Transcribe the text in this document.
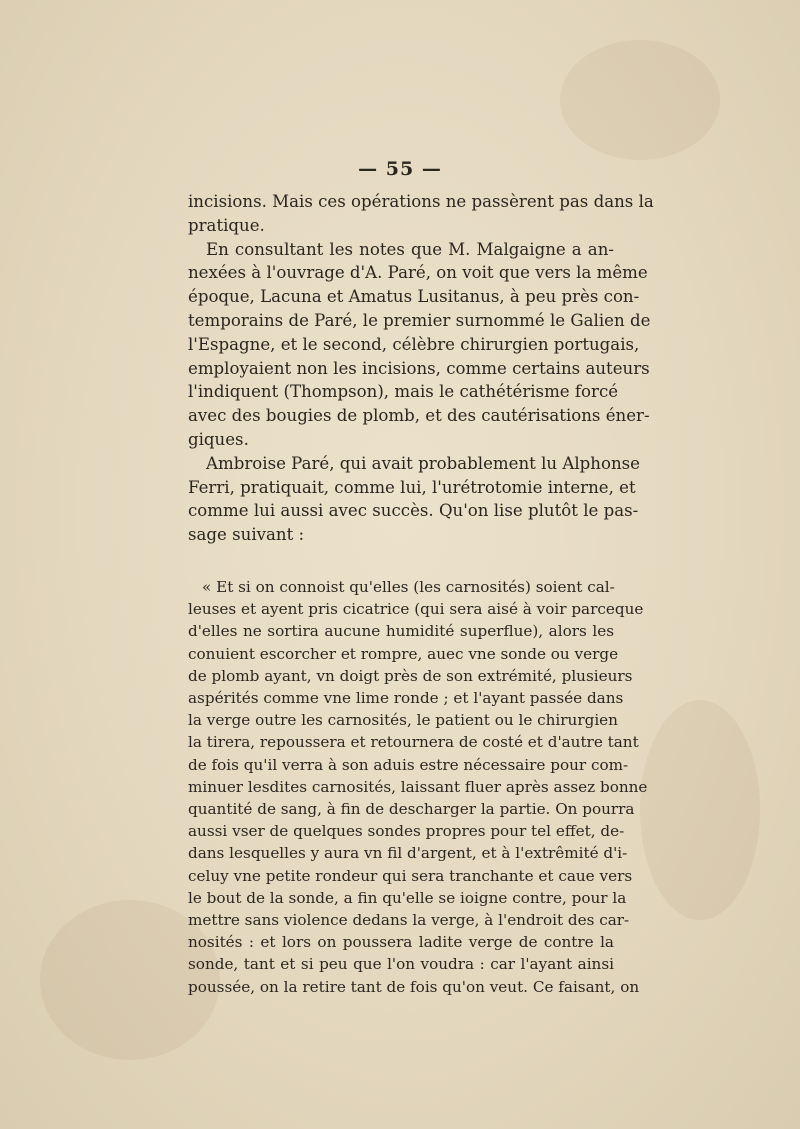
— 55 —
incisions. Mais ces opérations ne passèrent pas dans la
pratique.
En consultant les notes que M. Malgaigne a an-
nexées à l'ouvrage d'A. Paré, on voit que vers la même
époque, Lacuna et Amatus Lusitanus, à peu près con-
temporains de Paré, le premier surnommé le Galien de
l'Espagne, et le second, célèbre chirurgien portugais,
employaient non les incisions, comme certains auteurs
l'indiquent (Thompson), mais le cathétérisme forcé
avec des bougies de plomb, et des cautérisations éner-
giques.
Ambroise Paré, qui avait probablement lu Alphonse
Ferri, pratiquait, comme lui, l'urétrotomie interne, et
comme lui aussi avec succès. Qu'on lise plutôt le pas-
sage suivant :
« Et si on connoist qu'elles (les carnosités) soient cal-
leuses et ayent pris cicatrice (qui sera aisé à voir parceque
d'elles ne sortira aucune humidité superflue), alors les
conuient escorcher et rompre, auec vne sonde ou verge
de plomb ayant, vn doigt près de son extrémité, plusieurs
aspérités comme vne lime ronde ; et l'ayant passée dans
la verge outre les carnosités, le patient ou le chirurgien
la tirera, repoussera et retournera de costé et d'autre tant
de fois qu'il verra à son aduis estre nécessaire pour com-
minuer lesdites carnosités, laissant fluer après assez bonne
quantité de sang, à fin de descharger la partie. On pourra
aussi vser de quelques sondes propres pour tel effet, de-
dans lesquelles y aura vn fil d'argent, et à l'extrêmité d'i-
celuy vne petite rondeur qui sera tranchante et caue vers
le bout de la sonde, a fin qu'elle se ioigne contre, pour la
mettre sans violence dedans la verge, à l'endroit des car-
nosités : et lors on poussera ladite verge de contre la
sonde, tant et si peu que l'on voudra : car l'ayant ainsi
poussée, on la retire tant de fois qu'on veut. Ce faisant, on
